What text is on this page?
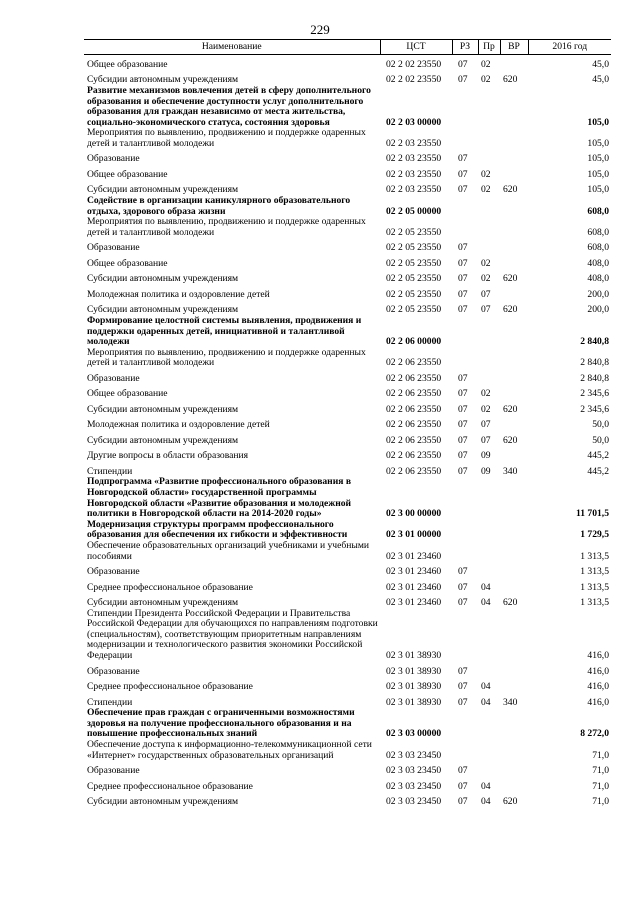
229
Наименование	ЦСТ	РЗ	Пр	ВР	2016 год
Общее образование	02 2 02 23550	07	02		45,0
Субсидии автономным учреждениям	02 2 02 23550	07	02	620	45,0
Развитие механизмов вовлечения детей в сферу дополнительного образования и обеспечение доступности услуг дополнительного образования для граждан независимо от места жительства, социально-экономического статуса, состояния здоровья	02 2 03 00000				105,0
Мероприятия по выявлению, продвижению и поддержке одаренных детей и талантливой молодежи	02 2 03 23550				105,0
Образование	02 2 03 23550	07			105,0
Общее образование	02 2 03 23550	07	02		105,0
Субсидии автономным учреждениям	02 2 03 23550	07	02	620	105,0
Содействие в организации каникулярного образовательного отдыха, здорового образа жизни	02 2 05 00000				608,0
Мероприятия по выявлению, продвижению и поддержке одаренных детей и талантливой молодежи	02 2 05 23550				608,0
Образование	02 2 05 23550	07			608,0
Общее образование	02 2 05 23550	07	02		408,0
Субсидии автономным учреждениям	02 2 05 23550	07	02	620	408,0
Молодежная политика и оздоровление детей	02 2 05 23550	07	07		200,0
Субсидии автономным учреждениям	02 2 05 23550	07	07	620	200,0
Формирование целостной системы выявления, продвижения и поддержки одаренных детей, инициативной и талантливой молодежи	02 2 06 00000				2 840,8
Мероприятия по выявлению, продвижению и поддержке одаренных детей и талантливой молодежи	02 2 06 23550				2 840,8
Образование	02 2 06 23550	07			2 840,8
Общее образование	02 2 06 23550	07	02		2 345,6
Субсидии автономным учреждениям	02 2 06 23550	07	02	620	2 345,6
Молодежная политика и оздоровление детей	02 2 06 23550	07	07		50,0
Субсидии автономным учреждениям	02 2 06 23550	07	07	620	50,0
Другие вопросы в области образования	02 2 06 23550	07	09		445,2
Стипендии	02 2 06 23550	07	09	340	445,2
Подпрограмма «Развитие профессионального образования в Новгородской области» государственной программы Новгородской области «Развитие образования и молодежной политики в Новгородской области на 2014-2020 годы»	02 3 00 00000				11 701,5
Модернизация структуры программ профессионального образования для обеспечения их гибкости и эффективности	02 3 01 00000				1 729,5
Обеспечение образовательных организаций учебниками и учебными пособиями	02 3 01 23460				1 313,5
Образование	02 3 01 23460	07			1 313,5
Среднее профессиональное образование	02 3 01 23460	07	04		1 313,5
Субсидии автономным учреждениям	02 3 01 23460	07	04	620	1 313,5
Стипендии Президента Российской Федерации и Правительства Российской Федерации для обучающихся по направлениям подготовки (специальностям), соответствующим приоритетным направлениям модернизации и технологического развития экономики Российской Федерации	02 3 01 38930				416,0
Образование	02 3 01 38930	07			416,0
Среднее профессиональное образование	02 3 01 38930	07	04		416,0
Стипендии	02 3 01 38930	07	04	340	416,0
Обеспечение прав граждан с ограниченными возможностями здоровья на получение профессионального образования и на повышение профессиональных знаний	02 3 03 00000				8 272,0
Обеспечение доступа к информационно-телекоммуникационной сети «Интернет» государственных образовательных организаций	02 3 03 23450				71,0
Образование	02 3 03 23450	07			71,0
Среднее профессиональное образование	02 3 03 23450	07	04		71,0
Субсидии автономным учреждениям	02 3 03 23450	07	04	620	71,0
